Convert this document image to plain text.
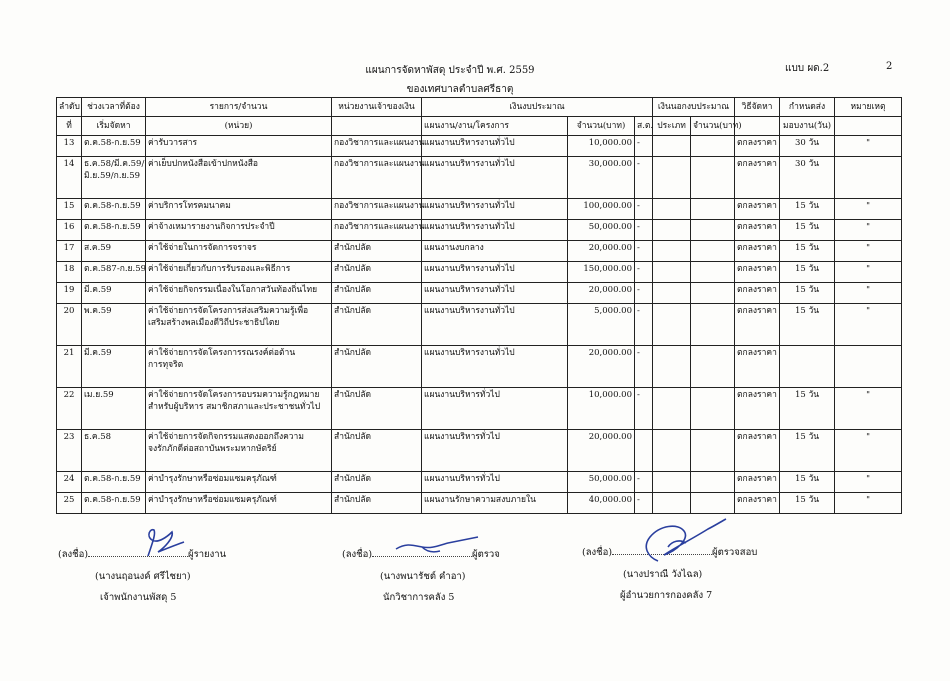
แผนการจัดหาพัสดุ ประจำปี พ.ศ. 2559
ของเทศบาลตำบลศรีธาตุ
แบบ ผด.2	2
ลำดับ	ช่วงเวลาที่ต้อง	รายการ/จำนวน	หน่วยงานเจ้าของเงิน	เงินงบประมาณ			เงินนอกงบประมาณ		วิธีจัดหา	กำหนดส่ง	หมายเหตุ
ที่	เริ่มจัดหา	(หน่วย)		แผนงาน/งาน/โครงการ	จำนวน(บาท)	ส.ต.	ประเภท	จำนวน(บาท)		มอบงาน(วัน)	

13	ต.ค.58-ก.ย.59	ค่ารับวารสาร	กองวิชาการและแผนงาน	แผนงานบริหารงานทั่วไป	10,000.00	-			ตกลงราคา	30 วัน	"

14	ธ.ค.58/มี.ค.59/
มิ.ย.59/ก.ย.59	ค่าเย็บปกหนังสือเข้าปกหนังสือ	กองวิชาการและแผนงาน	แผนงานบริหารงานทั่วไป	30,000.00	-			ตกลงราคา	30 วัน	

15	ต.ค.58-ก.ย.59	ค่าบริการโทรคมนาคม	กองวิชาการและแผนงาน	แผนงานบริหารงานทั่วไป	100,000.00	-			ตกลงราคา	15 วัน	"

16	ต.ค.58-ก.ย.59	ค่าจ้างเหมารายงานกิจการประจำปี	กองวิชาการและแผนงาน	แผนงานบริหารงานทั่วไป	50,000.00	-			ตกลงราคา	15 วัน	"

17	ส.ค.59	ค่าใช้จ่ายในการจัดการจราจร	สำนักปลัด	แผนงานงบกลาง	20,000.00	-			ตกลงราคา	15 วัน	"

18	ต.ค.587-ก.ย.59	ค่าใช้จ่ายเกี่ยวกับการรับรองและพิธีการ	สำนักปลัด	แผนงานบริหารงานทั่วไป	150,000.00	-			ตกลงราคา	15 วัน	"

19	มี.ค.59	ค่าใช้จ่ายกิจกรรมเนื่องในโอกาสวันท้องถิ่นไทย	สำนักปลัด	แผนงานบริหารงานทั่วไป	20,000.00	-			ตกลงราคา	15 วัน	"

20	พ.ค.59	ค่าใช้จ่ายการจัดโครงการส่งเสริมความรู้เพื่อ
เสริมสร้างพลเมืองดีวิถีประชาธิปไตย	สำนักปลัด	แผนงานบริหารงานทั่วไป	5,000.00	-			ตกลงราคา	15 วัน	"

21	มี.ค.59	ค่าใช้จ่ายการจัดโครงการรณรงค์ต่อต้าน
การทุจริต	สำนักปลัด	แผนงานบริหารงานทั่วไป	20,000.00	-			ตกลงราคา		

22	เม.ย.59	ค่าใช้จ่ายการจัดโครงการอบรมความรู้กฎหมาย
สำหรับผู้บริหาร สมาชิกสภาและประชาชนทั่วไป	สำนักปลัด	แผนงานบริหารทั่วไป	10,000.00	-			ตกลงราคา	15 วัน	"

23	ธ.ค.58	ค่าใช้จ่ายการจัดกิจกรรมแสดงออกถึงความ
จงรักภักดีต่อสถาบันพระมหากษัตริย์	สำนักปลัด	แผนงานบริหารทั่วไป	20,000.00				ตกลงราคา	15 วัน	"

24	ต.ค.58-ก.ย.59	ค่าบำรุงรักษาหรือซ่อมแซมครุภัณฑ์	สำนักปลัด	แผนงานบริหารทั่วไป	50,000.00	-			ตกลงราคา	15 วัน	"

25	ต.ค.58-ก.ย.59	ค่าบำรุงรักษาหรือซ่อมแซมครุภัณฑ์	สำนักปลัด	แผนงานรักษาความสงบภายใน	40,000.00	-			ตกลงราคา	15 วัน	"
(ลงชื่อ)	ผู้รายงาน
(นางนฤอนงค์ ศรีไชยา)
เจ้าพนักงานพัสดุ 5
(ลงชื่อ)	ผู้ตรวจ
(นางพนารัชต์ คำอา)
นักวิชาการคลัง 5
(ลงชื่อ)	ผู้ตรวจสอบ
(นางปราณี วังไฉล)
ผู้อำนวยการกองคลัง 7
